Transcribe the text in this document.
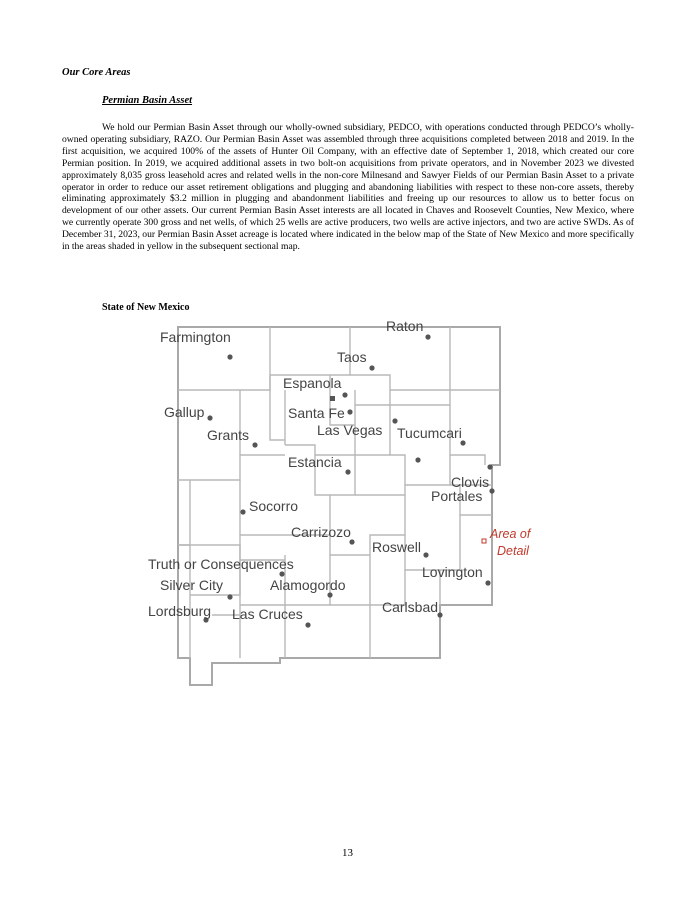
Our Core Areas
Permian Basin Asset

We hold our Permian Basin Asset through our wholly-owned subsidiary, PEDCO, with operations conducted through PEDCO’s wholly-owned operating subsidiary, RAZO. Our Permian Basin Asset was assembled through three acquisitions completed between 2018 and 2019. In the first acquisition, we acquired 100% of the assets of Hunter Oil Company, with an effective date of September 1, 2018, which created our core Permian position. In 2019, we acquired additional assets in two bolt-on acquisitions from private operators, and in November 2023 we divested approximately 8,035 gross leasehold acres and related wells in the non-core Milnesand and Sawyer Fields of our Permian Basin Asset to a private operator in order to reduce our asset retirement obligations and plugging and abandoning liabilities with respect to these non-core assets, thereby eliminating approximately $3.2 million in plugging and abandonment liabilities and freeing up our resources to allow us to better focus on development of our other assets. Our current Permian Basin Asset interests are all located in Chaves and Roosevelt Counties, New Mexico, where we currently operate 300 gross and net wells, of which 25 wells are active producers, two wells are active injectors, and two are active SWDs. As of December 31, 2023, our Permian Basin Asset acreage is located where indicated in the below map of the State of New Mexico and more specifically in the areas shaded in yellow in the subsequent sectional map.

State of New Mexico
Farmington
Raton
Taos
Espanola
Gallup	Santa Fe
Las Vegas Tucumcari
Grants
Estancia
Clovis
Portales
Socorro
Carrizozo
Roswell
Truth or Consequences	Lovington
Silver City	Alamogordo
Lordsburg Las Cruces	Carlsbad
Area of
Detail
13
